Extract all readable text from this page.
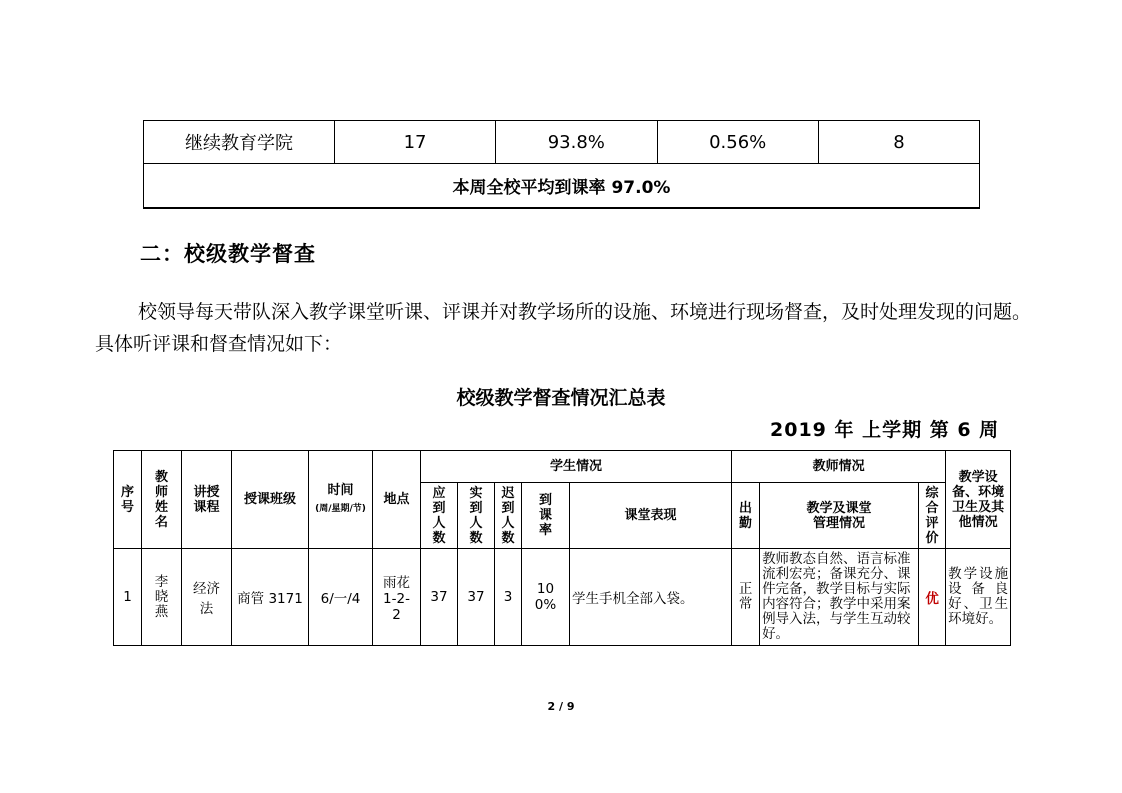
继续教育学院	17	93.8%	0.56%	8
本周全校平均到课率 97.0%
二：校级教学督查
校领导每天带队深入教学课堂听课、评课并对教学场所的设施、环境进行现场督查，及时处理发现的问题。具体听评课和督查情况如下：
校级教学督查情况汇总表
2019 年 上学期 第 6 周
序号	教师姓名	讲授课程	授课班级	时间
(周/星期/节)	地点	学生情况					教师情况			教学设备、环境卫生及其他情况
						应到人数	实到人数	迟到人数	到课率	课堂表现	出勤	教学及课堂管理情况	综合评价	
1	李晓燕	经济法	商管 3171	6/一/4	雨花 1-2-2	37	37	3	100%	学生手机全部入袋。	正常	教师教态自然、语言标准流利宏亮；备课充分、课件完备，教学目标与实际内容符合；教学中采用案例导入法，与学生互动较好。	优	教学设施设备良好、卫生环境好。
2 / 9
